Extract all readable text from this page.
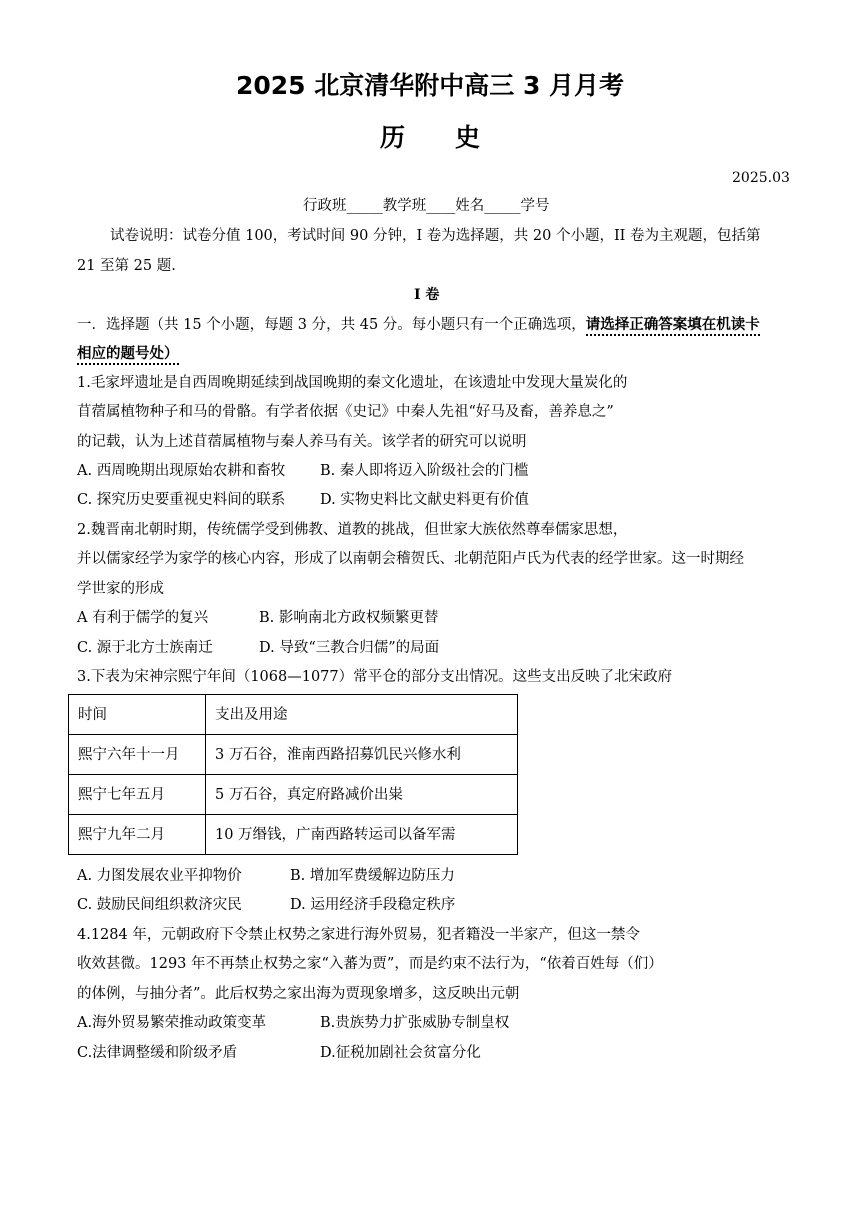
2025 北京清华附中高三 3 月月考
历　　史
2025.03
行政班_____教学班____姓名_____学号
试卷说明：试卷分值 100，考试时间 90 分钟，I 卷为选择题，共 20 个小题，II 卷为主观题，包括第
21 至第 25 题.
I 卷
一．选择题（共 15 个小题，每题 3 分，共 45 分。每小题只有一个正确选项，请选择正确答案填在机读卡
相应的题号处）
1.毛家坪遗址是自西周晚期延续到战国晚期的秦文化遗址，在该遗址中发现大量炭化的
苜蓿属植物种子和马的骨骼。有学者依据《史记》中秦人先祖“好马及畜，善养息之”
的记载，认为上述苜蓿属植物与秦人养马有关。该学者的研究可以说明
A. 西周晚期出现原始农耕和畜牧 B. 秦人即将迈入阶级社会的门槛
C. 探究历史要重视史料间的联系 D. 实物史料比文献史料更有价值
2.魏晋南北朝时期，传统儒学受到佛教、道教的挑战，但世家大族依然尊奉儒家思想，
并以儒家经学为家学的核心内容，形成了以南朝会稽贺氏、北朝范阳卢氏为代表的经学世家。这一时期经
学世家的形成
A 有利于儒学的复兴	B. 影响南北方政权频繁更替
C. 源于北方士族南迁	D. 导致“三教合归儒”的局面
3.下表为宋神宗熙宁年间（1068—1077）常平仓的部分支出情况。这些支出反映了北宋政府
时间	支出及用途
熙宁六年十一月	3 万石谷，淮南西路招募饥民兴修水利
熙宁七年五月	5 万石谷，真定府路减价出粜
熙宁九年二月	10 万缗钱，广南西路转运司以备军需
A. 力图发展农业平抑物价	B. 增加军费缓解边防压力
C. 鼓励民间组织救济灾民	D. 运用经济手段稳定秩序
4.1284 年，元朝政府下令禁止权势之家进行海外贸易，犯者籍没一半家产，但这一禁令
收效甚微。1293 年不再禁止权势之家“入蕃为贾”，而是约束不法行为，“依着百姓每（们）
的体例，与抽分者”。此后权势之家出海为贾现象增多，这反映出元朝
A.海外贸易繁荣推动政策变革	B.贵族势力扩张威胁专制皇权
C.法律调整缓和阶级矛盾	D.征税加剧社会贫富分化
